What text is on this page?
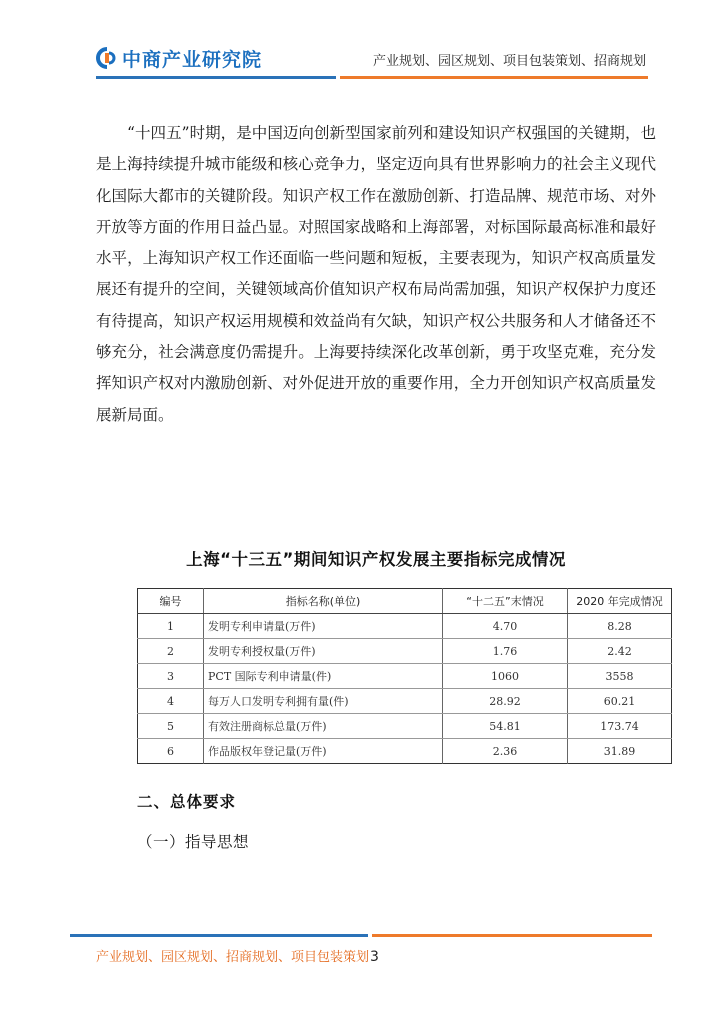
中商产业研究院	产业规划、园区规划、项目包装策划、招商规划

“十四五”时期，是中国迈向创新型国家前列和建设知识产权强国的关键期，也是上海持续提升城市能级和核心竞争力，坚定迈向具有世界影响力的社会主义现代化国际大都市的关键阶段。知识产权工作在激励创新、打造品牌、规范市场、对外开放等方面的作用日益凸显。对照国家战略和上海部署，对标国际最高标准和最好水平，上海知识产权工作还面临一些问题和短板，主要表现为，知识产权高质量发展还有提升的空间，关键领域高价值知识产权布局尚需加强，知识产权保护力度还有待提高，知识产权运用规模和效益尚有欠缺，知识产权公共服务和人才储备还不够充分，社会满意度仍需提升。上海要持续深化改革创新，勇于攻坚克难，充分发挥知识产权对内激励创新、对外促进开放的重要作用，全力开创知识产权高质量发展新局面。

上海“十三五”期间知识产权发展主要指标完成情况
编号	指标名称(单位)	“十二五”末情况	2020 年完成情况
1	发明专利申请量(万件)	4.70	8.28
2	发明专利授权量(万件)	1.76	2.42
3	PCT 国际专利申请量(件)	1060	3558
4	每万人口发明专利拥有量(件)	28.92	60.21
5	有效注册商标总量(万件)	54.81	173.74
6	作品版权年登记量(万件)	2.36	31.89
二、总体要求
（一）指导思想
产业规划、园区规划、招商规划、项目包装策划3
